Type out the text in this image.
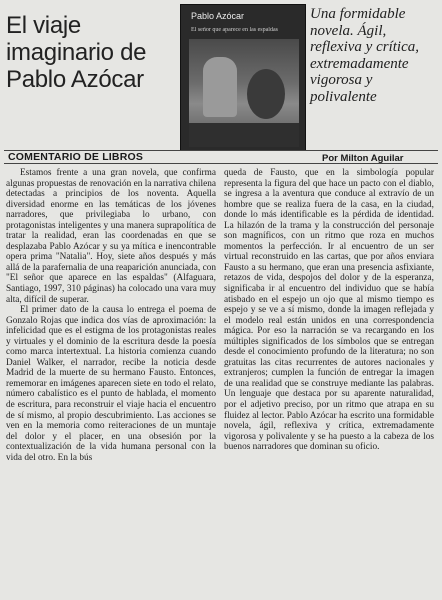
El viaje
imaginario de
Pablo Azócar
Pablo Azócar
El señor que aparece en las espaldas
Una formidable novela. Ágil, reflexiva y crítica, extremadamente vigorosa y polivalente
COMENTARIO DE LIBROS	Por Milton Aguilar

Estamos frente a una gran novela, que confirma algunas propuestas de renovación en la narrativa chilena detectadas a principios de los noventa. Aquella diversidad enorme en las temáticas de los jóvenes narradores, que privilegiaba lo urbano, con protagonistas inteligentes y una manera suprapolítica de tratar la realidad, eran las coordenadas en que se desplazaba Pablo Azócar y su ya mítica e inencontrable opera prima "Natalia". Hoy, siete años después y más allá de la parafernalia de una reaparición anunciada, con "El señor que aparece en las espaldas" (Alfaguara, Santiago, 1997, 310 páginas) ha colocado una vara muy alta, difícil de superar.

El primer dato de la causa lo entrega el poema de Gonzalo Rojas que indica dos vías de aproximación: la infelicidad que es el estigma de los protagonistas reales y virtuales y el dominio de la escritura desde la poesía como marca intertextual. La historia comienza cuando Daniel Walker, el narrador, recibe la noticia desde Madrid de la muerte de su hermano Fausto. Entonces, rememorar en imágenes aparecen siete en todo el relato, número cabalístico es el punto de hablada, el momento de escritura, para reconstruir el viaje hacia el encuentro de sí mismo, al propio descubrimiento. Las acciones se ven en la memoria como reiteraciones de un muntaje del dolor y el placer, en una obsesión por la contextualización de la vida humana personal con la vida del otro. En la bús

queda de Fausto, que en la simbología popular representa la figura del que hace un pacto con el diablo, se ingresa a la aventura que conduce al extravío de un hombre que se realiza fuera de la casa, en la ciudad, donde lo más identificable es la pérdida de identidad. La hilazón de la trama y la construcción del personaje son magníficos, con un ritmo que roza en muchos momentos la perfección. Ir al encuentro de un ser virtual reconstruido en las cartas, que por años enviara Fausto a su hermano, que eran una presencia asfixiante, retazos de vida, despojos del dolor y de la esperanza, significaba ir al encuentro del individuo que se había atisbado en el espejo un ojo que al mismo tiempo es espejo y se ve a sí mismo, donde la imagen reflejada y el modelo real están unidos en una correspondencia mágica. Por eso la narración se va recargando en los múltiples significados de los símbolos que se entregan desde el conocimiento profundo de la literatura; no son gratuitas las citas recurrentes de autores nacionales y extranjeros; cumplen la función de entregar la imagen de una realidad que se construye mediante las palabras. Un lenguaje que destaca por su aparente naturalidad, por el adjetivo preciso, por un ritmo que atrapa en su fluidez al lector. Pablo Azócar ha escrito una formidable novela, ágil, reflexiva y crítica, extremadamente vigorosa y polivalente y se ha puesto a la cabeza de los buenos narradores que dominan su oficio.
